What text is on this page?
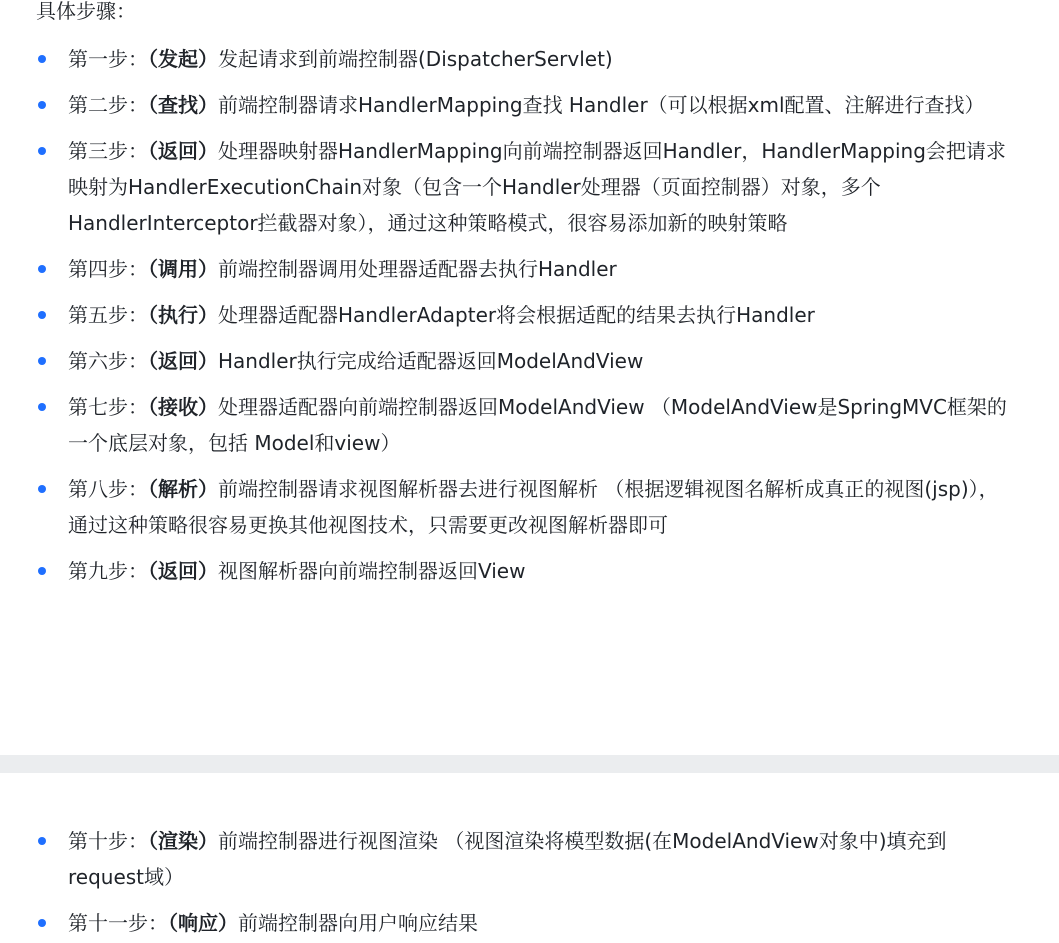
具体步骤：
第一步：（发起）发起请求到前端控制器(DispatcherServlet)
第二步：（查找）前端控制器请求HandlerMapping查找 Handler（可以根据xml配置、注解进行查找）
第三步：（返回）处理器映射器HandlerMapping向前端控制器返回Handler，HandlerMapping会把请求映射为HandlerExecutionChain对象（包含一个Handler处理器（页面控制器）对象，多个HandlerInterceptor拦截器对象），通过这种策略模式，很容易添加新的映射策略
第四步：（调用）前端控制器调用处理器适配器去执行Handler
第五步：（执行）处理器适配器HandlerAdapter将会根据适配的结果去执行Handler
第六步：（返回）Handler执行完成给适配器返回ModelAndView
第七步：（接收）处理器适配器向前端控制器返回ModelAndView （ModelAndView是SpringMVC框架的一个底层对象，包括 Model和view）
第八步：（解析）前端控制器请求视图解析器去进行视图解析 （根据逻辑视图名解析成真正的视图(jsp)），通过这种策略很容易更换其他视图技术，只需要更改视图解析器即可
第九步：（返回）视图解析器向前端控制器返回View
第十步：（渲染）前端控制器进行视图渲染 （视图渲染将模型数据(在ModelAndView对象中)填充到request域）
第十一步：（响应）前端控制器向用户响应结果
